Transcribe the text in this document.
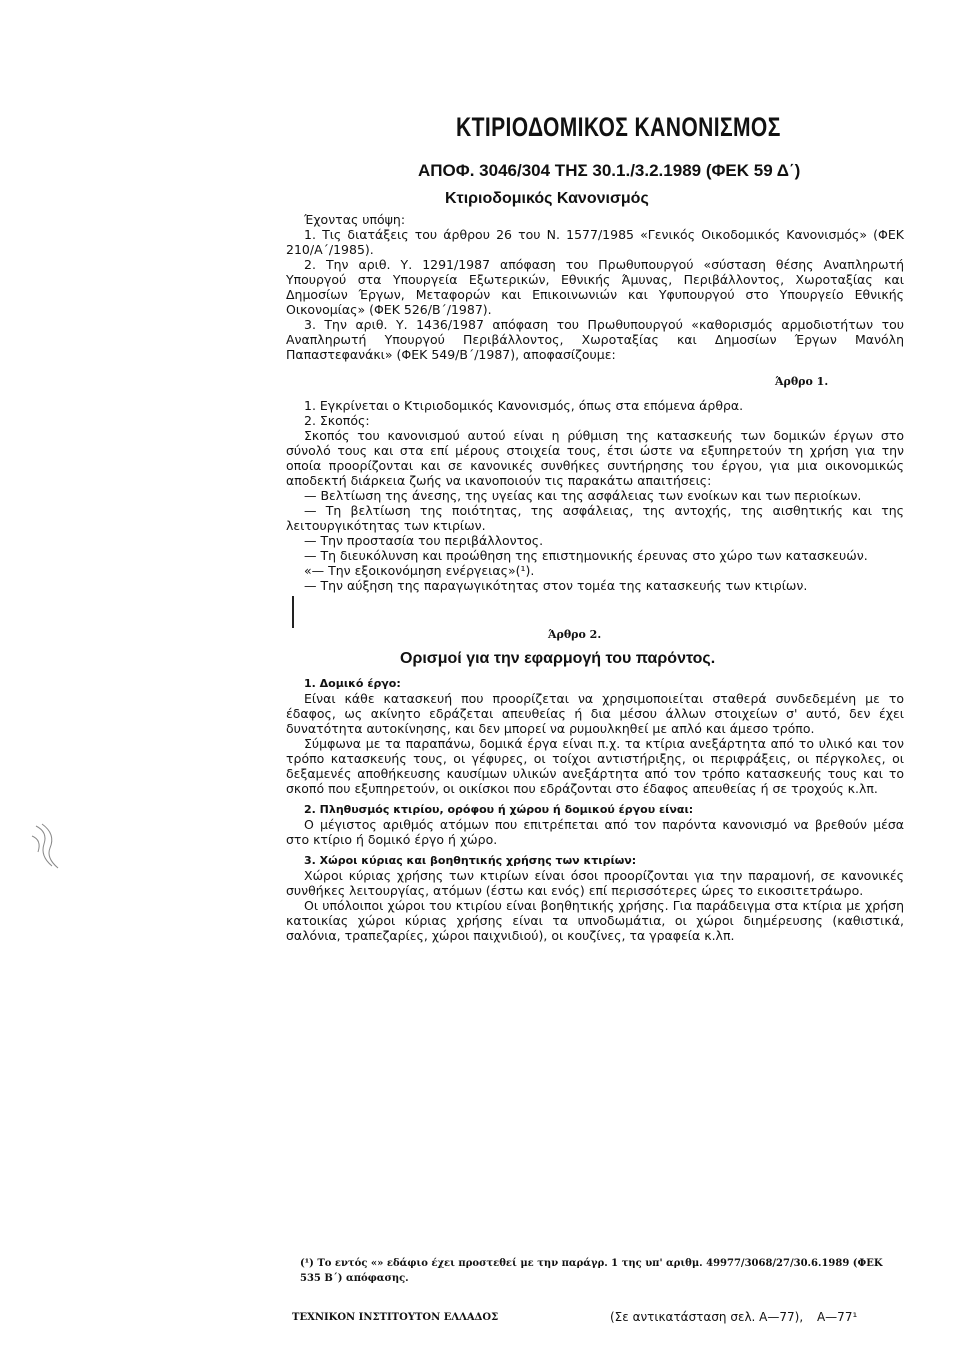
ΚΤΙΡΙΟΔΟΜΙΚΟΣ ΚΑΝΟΝΙΣΜΟΣ
ΑΠΟΦ. 3046/304 ΤΗΣ 30.1./3.2.1989 (ΦΕΚ 59 Δ΄)
Κτιριοδομικός Κανονισμός

Έχοντας υπόψη:

1. Τις διατάξεις του άρθρου 26 του Ν. 1577/1985 «Γενικός Οικοδομικός Κανονισμός» (ΦΕΚ 210/Α΄/1985).

2. Την αριθ. Υ. 1291/1987 απόφαση του Πρωθυπουργού «σύσταση θέσης Αναπληρωτή Υπουργού στα Υπουργεία Εξωτερικών, Εθνικής Άμυνας, Περιβάλλοντος, Χωροταξίας και Δημοσίων Έργων, Μεταφορών και Επικοινωνιών και Υφυπουργού στο Υπουργείο Εθνικής Οικονομίας» (ΦΕΚ 526/Β΄/1987).

3. Την αριθ. Υ. 1436/1987 απόφαση του Πρωθυπουργού «καθορισμός αρμοδιοτήτων του Αναπληρωτή Υπουργού Περιβάλλοντος, Χωροταξίας και Δημοσίων Έργων Μανόλη Παπαστεφανάκι» (ΦΕΚ 549/Β΄/1987), αποφασίζουμε:

Άρθρο 1.

1. Εγκρίνεται ο Κτιριοδομικός Κανονισμός, όπως στα επόμενα άρθρα.

2. Σκοπός:

Σκοπός του κανονισμού αυτού είναι η ρύθμιση της κατασκευής των δομικών έργων στο σύνολό τους και στα επί μέρους στοιχεία τους, έτσι ώστε να εξυπηρετούν τη χρήση για την οποία προορίζονται και σε κανονικές συνθήκες συντήρησης του έργου, για μια οικονομικώς αποδεκτή διάρκεια ζωής να ικανοποιούν τις παρακάτω απαιτήσεις:

— Βελτίωση της άνεσης, της υγείας και της ασφάλειας των ενοίκων και των περιοίκων.

— Τη βελτίωση της ποιότητας, της ασφάλειας, της αντοχής, της αισθητικής και της λειτουργικότητας των κτιρίων.

— Την προστασία του περιβάλλοντος.

— Τη διευκόλυνση και προώθηση της επιστημονικής έρευνας στο χώρο των κατασκευών.

«— Την εξοικονόμηση ενέργειας»(¹).

— Την αύξηση της παραγωγικότητας στον τομέα της κατασκευής των κτιρίων.

Άρθρο 2.
Ορισμοί για την εφαρμογή του παρόντος.

1. Δομικό έργο:

Είναι κάθε κατασκευή που προορίζεται να χρησιμοποιείται σταθερά συνδεδεμένη με το έδαφος, ως ακίνητο εδράζεται απευθείας ή δια μέσου άλλων στοιχείων σ' αυτό, δεν έχει δυνατότητα αυτοκίνησης, και δεν μπορεί να ρυμουλκηθεί με απλό και άμεσο τρόπο.

Σύμφωνα με τα παραπάνω, δομικά έργα είναι π.χ. τα κτίρια ανεξάρτητα από το υλικό και τον τρόπο κατασκευής τους, οι γέφυρες, οι τοίχοι αντιστήριξης, οι περιφράξεις, οι πέργκολες, οι δεξαμενές αποθήκευσης καυσίμων υλικών ανεξάρτητα από τον τρόπο κατασκευής τους και το σκοπό που εξυπηρετούν, οι οικίσκοι που εδράζονται στο έδαφος απευθείας ή σε τροχούς κ.λπ.

2. Πληθυσμός κτιρίου, ορόφου ή χώρου ή δομικού έργου είναι:

Ο μέγιστος αριθμός ατόμων που επιτρέπεται από τον παρόντα κανονισμό να βρεθούν μέσα στο κτίριο ή δομικό έργο ή χώρο.

3. Χώροι κύριας και βοηθητικής χρήσης των κτιρίων:

Χώροι κύριας χρήσης των κτιρίων είναι όσοι προορίζονται για την παραμονή, σε κανονικές συνθήκες λειτουργίας, ατόμων (έστω και ενός) επί περισσότερες ώρες το εικοσιτετράωρο.

Οι υπόλοιποι χώροι του κτιρίου είναι βοηθητικής χρήσης. Για παράδειγμα στα κτίρια με χρήση κατοικίας χώροι κύριας χρήσης είναι τα υπνοδωμάτια, οι χώροι διημέρευσης (καθιστικά, σαλόνια, τραπεζαρίες, χώροι παιχνιδιού), οι κουζίνες, τα γραφεία κ.λπ.

(¹) Το εντός «» εδάφιο έχει προστεθεί με την παράγρ. 1 της υπ' αριθμ. 49977/3068/27/30.6.1989 (ΦΕΚ 535 Β΄) απόφασης.
ΤΕΧΝΙΚΟΝ ΙΝΣΤΙΤΟΥΤΟΝ ΕΛΛΑΔΟΣ	(Σε αντικατάσταση σελ. Α—77), Α—77¹
